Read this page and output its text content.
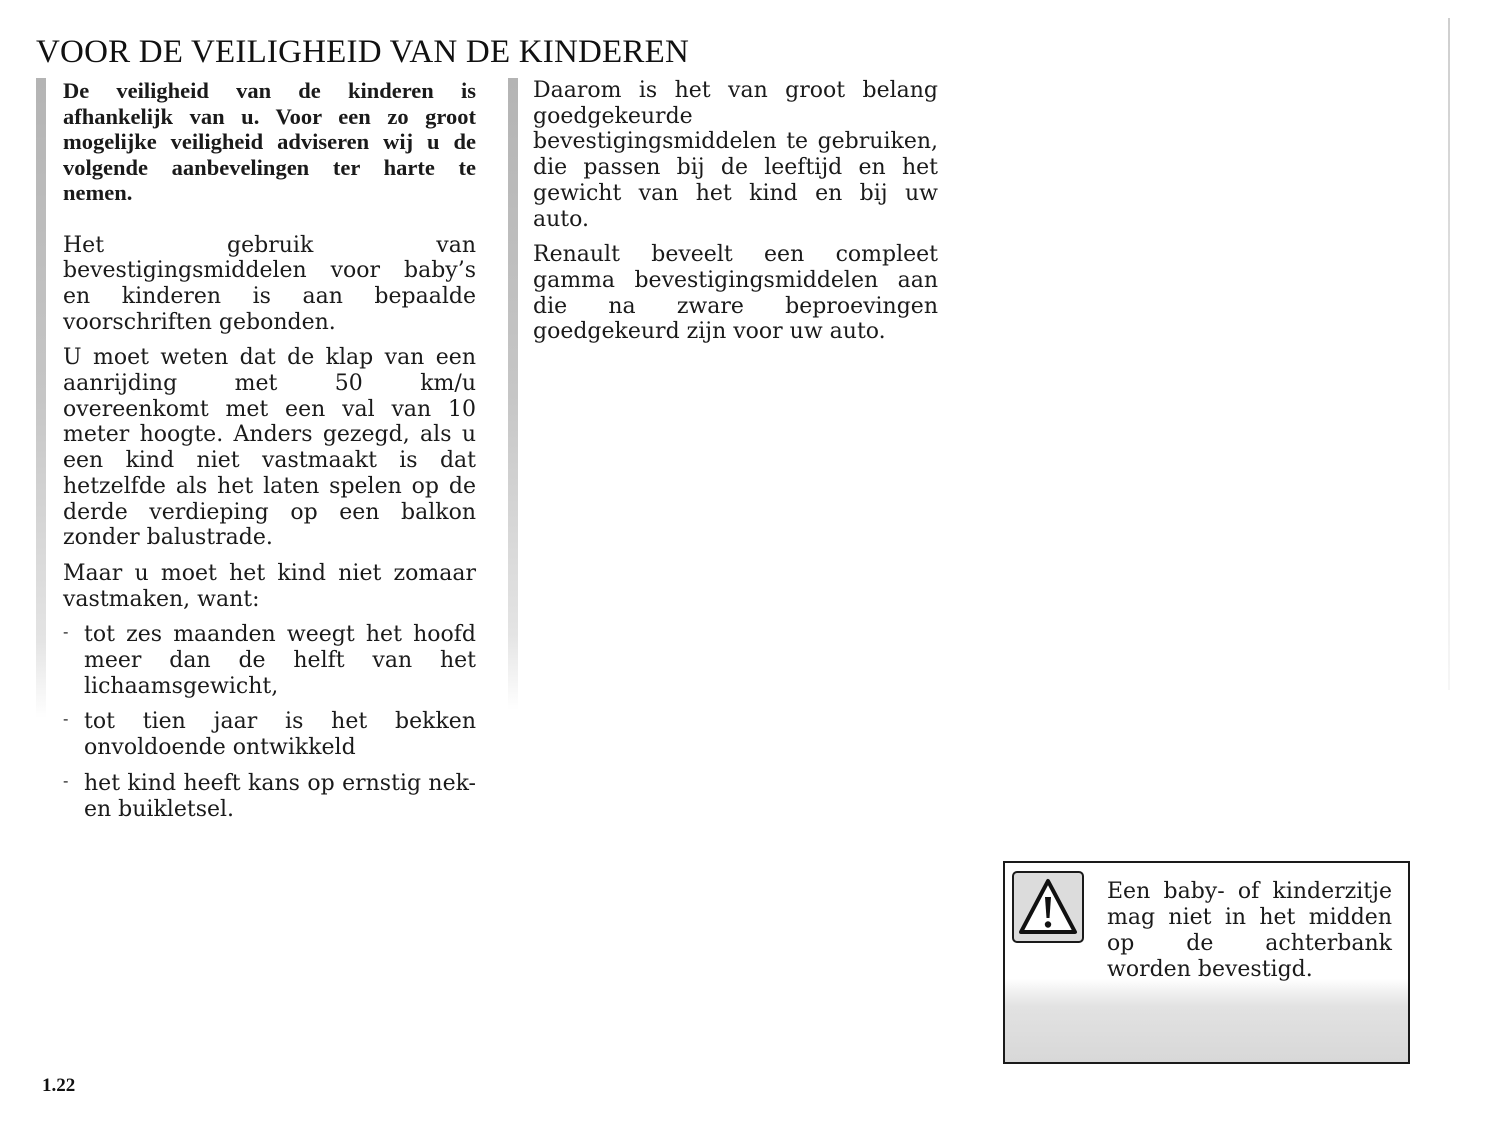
VOOR DE VEILIGHEID VAN DE KINDEREN

De veiligheid van de kinderen is afhankelijk van u. Voor een zo groot mogelijke veiligheid adviseren wij u de volgende aanbevelingen ter harte te nemen.

Het gebruik van bevestigingsmiddelen voor baby’s en kinderen is aan bepaalde voorschriften gebonden.

U moet weten dat de klap van een aanrijding met 50 km/u overeenkomt met een val van 10 meter hoogte. Anders gezegd, als u een kind niet vastmaakt is dat hetzelfde als het laten spelen op de derde verdieping op een balkon zonder balustrade.

Maar u moet het kind niet zomaar vastmaken, want:

- tot zes maanden weegt het hoofd meer dan de helft van het lichaamsgewicht,

- tot tien jaar is het bekken onvoldoende ontwikkeld

- het kind heeft kans op ernstig nek- en buikletsel.

Daarom is het van groot belang goedgekeurde bevestigingsmiddelen te gebruiken, die passen bij de leeftijd en het gewicht van het kind en bij uw auto.

Renault beveelt een compleet gamma bevestigingsmiddelen aan die na zware beproevingen goedgekeurd zijn voor uw auto.

Een baby- of kinderzitje mag niet in het midden op de achterbank worden bevestigd.

1.22
